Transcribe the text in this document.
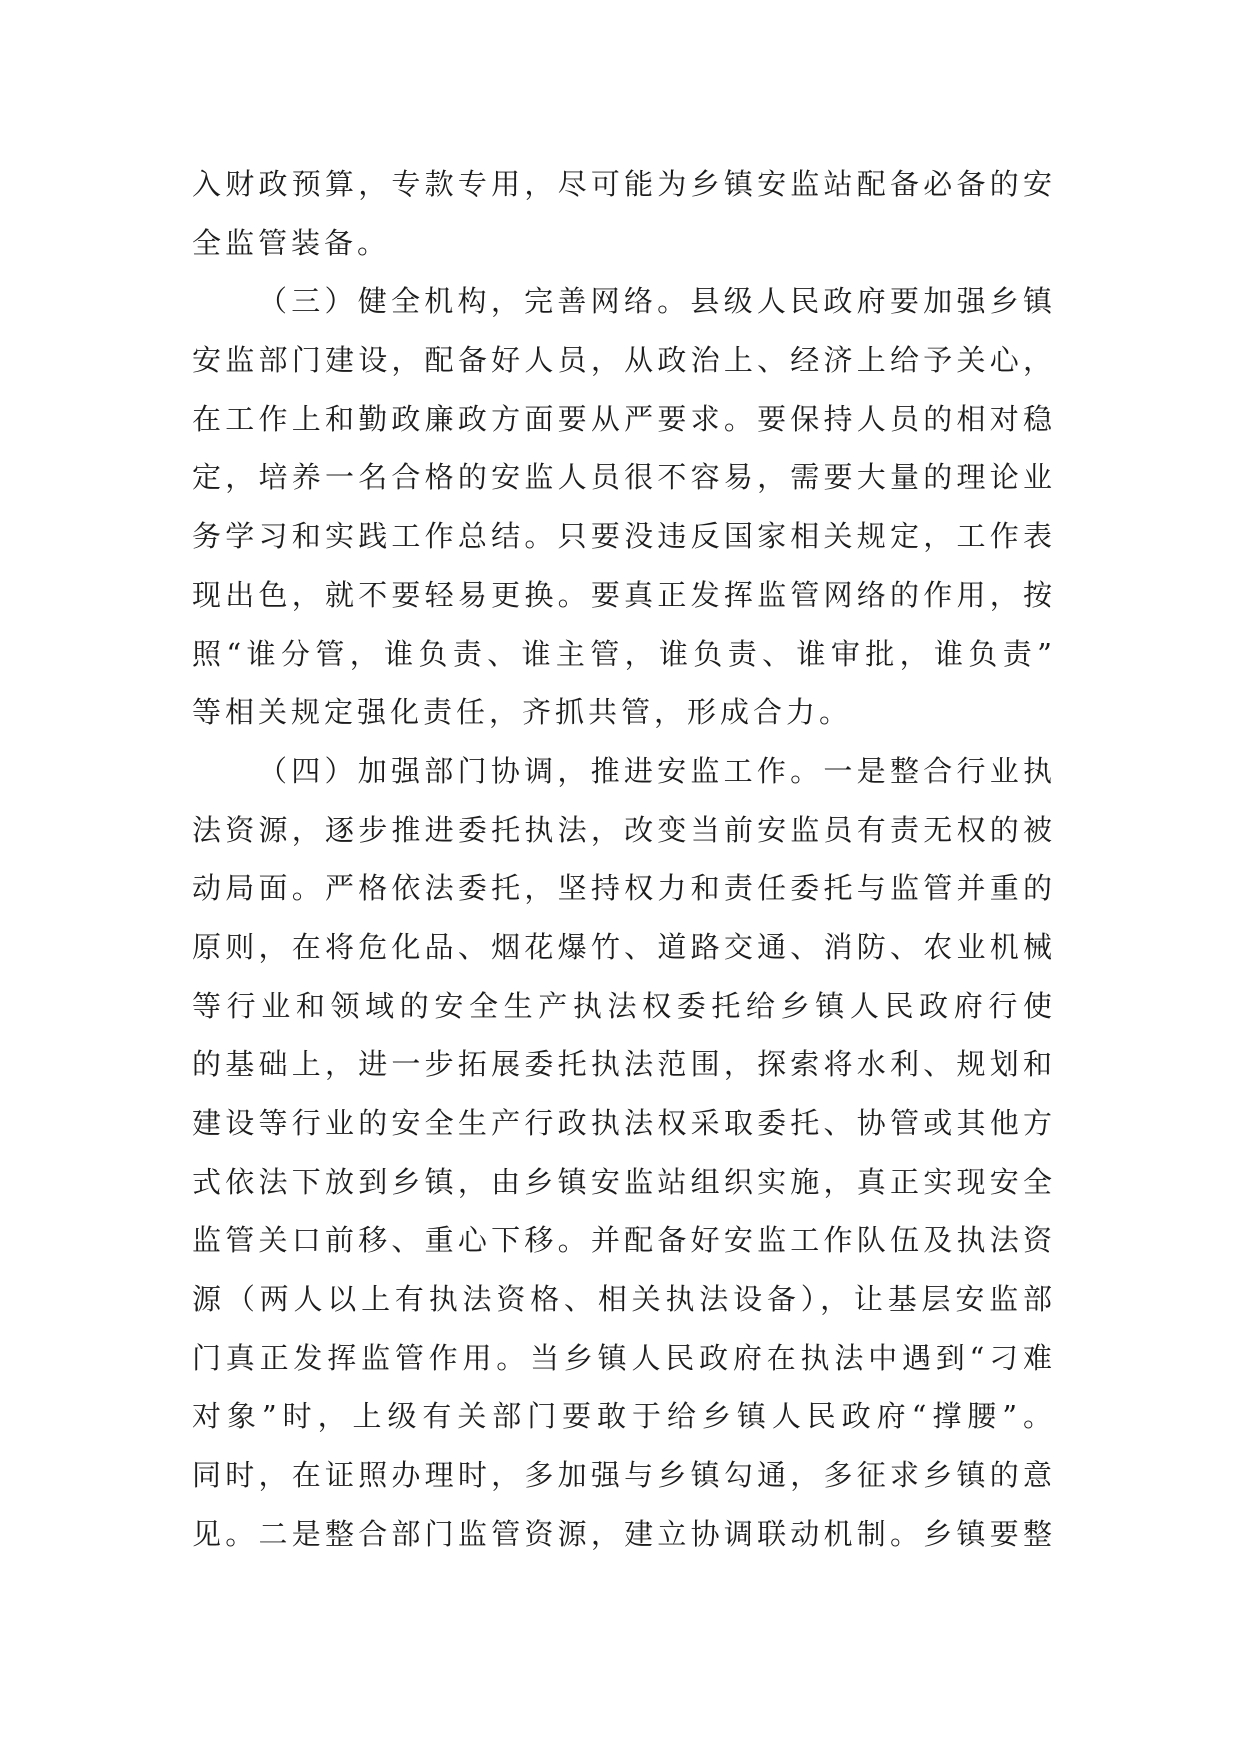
入财政预算，专款专用，尽可能为乡镇安监站配备必备的安
全监管装备。
（三）健全机构，完善网络。县级人民政府要加强乡镇
安监部门建设，配备好人员，从政治上、经济上给予关心，
在工作上和勤政廉政方面要从严要求。要保持人员的相对稳
定，培养一名合格的安监人员很不容易，需要大量的理论业
务学习和实践工作总结。只要没违反国家相关规定，工作表
现出色，就不要轻易更换。要真正发挥监管网络的作用，按
照“谁分管，谁负责、谁主管，谁负责、谁审批，谁负责”
等相关规定强化责任，齐抓共管，形成合力。
（四）加强部门协调，推进安监工作。一是整合行业执
法资源，逐步推进委托执法，改变当前安监员有责无权的被
动局面。严格依法委托，坚持权力和责任委托与监管并重的
原则，在将危化品、烟花爆竹、道路交通、消防、农业机械
等行业和领域的安全生产执法权委托给乡镇人民政府行使
的基础上，进一步拓展委托执法范围，探索将水利、规划和
建设等行业的安全生产行政执法权采取委托、协管或其他方
式依法下放到乡镇，由乡镇安监站组织实施，真正实现安全
监管关口前移、重心下移。并配备好安监工作队伍及执法资
源（两人以上有执法资格、相关执法设备），让基层安监部
门真正发挥监管作用。当乡镇人民政府在执法中遇到“刁难
对象”时，上级有关部门要敢于给乡镇人民政府“撑腰”。
同时，在证照办理时，多加强与乡镇勾通，多征求乡镇的意
见。二是整合部门监管资源，建立协调联动机制。乡镇要整
